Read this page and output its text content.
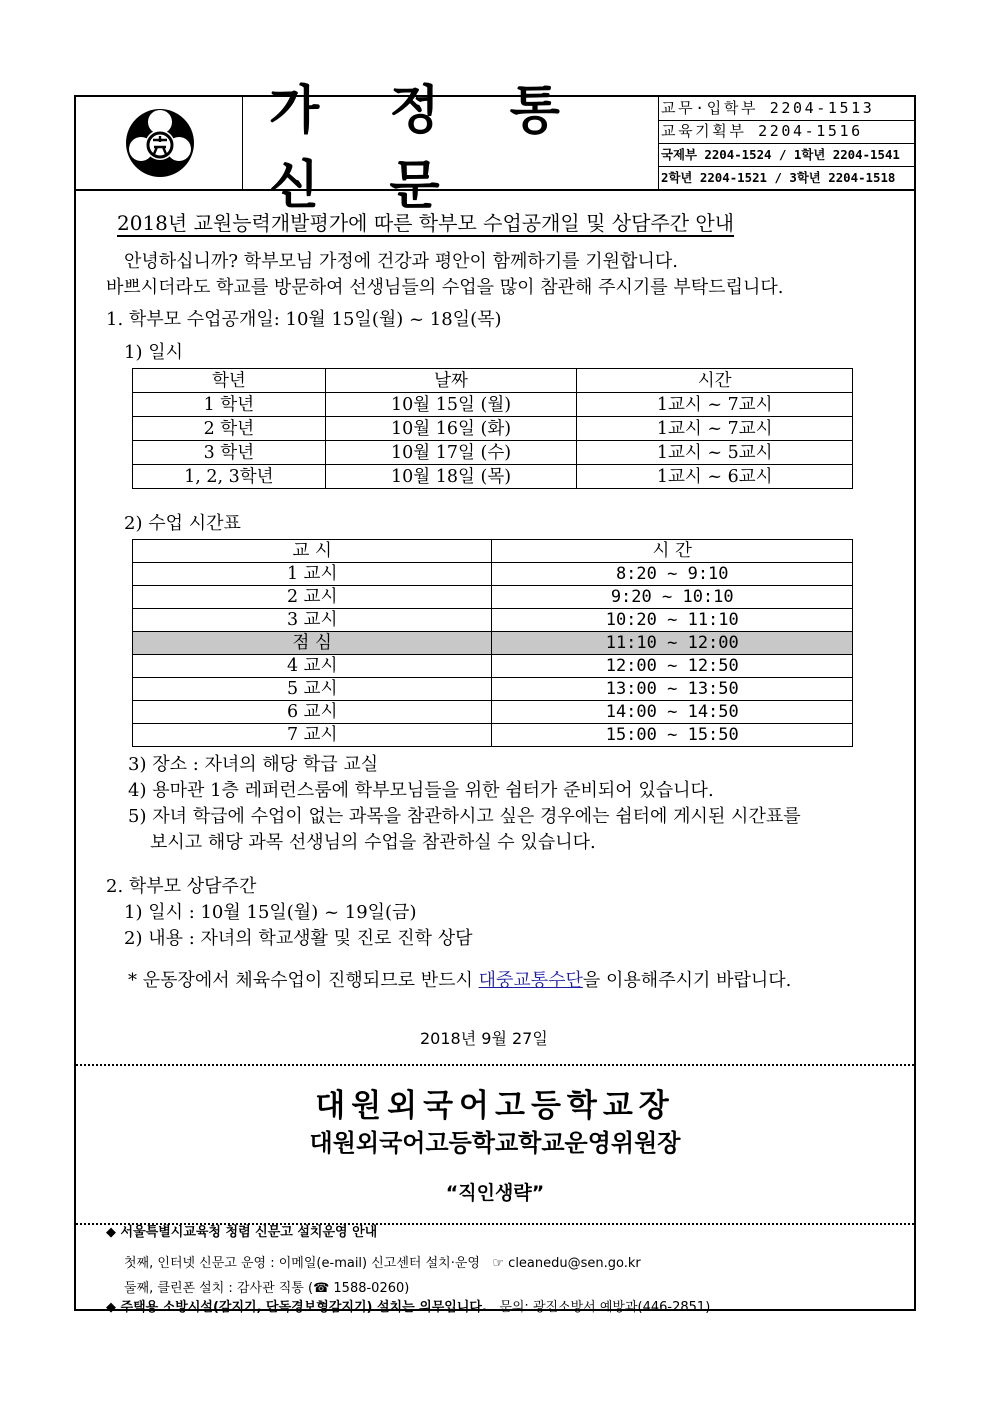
가 정 통 신 문
교무·입학부 2204-1513
교육기획부 2204-1516
국제부 2204-1524 / 1학년 2204-1541
2학년 2204-1521 / 3학년 2204-1518
2018년 교원능력개발평가에 따른 학부모 수업공개일 및 상담주간 안내
안녕하십니까? 학부모님 가정에 건강과 평안이 함께하기를 기원합니다.
바쁘시더라도 학교를 방문하여 선생님들의 수업을 많이 참관해 주시기를 부탁드립니다.
1. 학부모 수업공개일: 10월 15일(월) ~ 18일(목)
1) 일시
학년	날짜	시간
1 학년	10월 15일 (월)	1교시 ~ 7교시
2 학년	10월 16일 (화)	1교시 ~ 7교시
3 학년	10월 17일 (수)	1교시 ~ 5교시
1, 2, 3학년	10월 18일 (목)	1교시 ~ 6교시
2) 수업 시간표
교 시	시 간
1 교시	8:20 ~ 9:10
2 교시	9:20 ~ 10:10
3 교시	10:20 ~ 11:10
점 심	11:10 ~ 12:00
4 교시	12:00 ~ 12:50
5 교시	13:00 ~ 13:50
6 교시	14:00 ~ 14:50
7 교시	15:00 ~ 15:50
3) 장소 : 자녀의 해당 학급 교실
4) 용마관 1층 레퍼런스룸에 학부모님들을 위한 쉼터가 준비되어 있습니다.
5) 자녀 학급에 수업이 없는 과목을 참관하시고 싶은 경우에는 쉼터에 게시된 시간표를
보시고 해당 과목 선생님의 수업을 참관하실 수 있습니다.
2. 학부모 상담주간
1) 일시 : 10월 15일(월) ~ 19일(금)
2) 내용 : 자녀의 학교생활 및 진로 진학 상담
* 운동장에서 체육수업이 진행되므로 반드시 대중교통수단을 이용해주시기 바랍니다.
2018년 9월 27일
대원외국어고등학교장
대원외국어고등학교학교운영위원장
“직인생략”
◆ 서울특별시교육청 청렴 신문고 설치운영 안내
첫째, 인터넷 신문고 운영 : 이메일(e-mail) 신고센터 설치·운영 ☞ cleanedu@sen.go.kr
둘째, 클린폰 설치 : 감사관 직통 (☎ 1588-0260)
◆ 주택용 소방시설(감지기, 단독경보형감지기) 설치는 의무입니다. 문의: 광진소방서 예방과(446-2851)
